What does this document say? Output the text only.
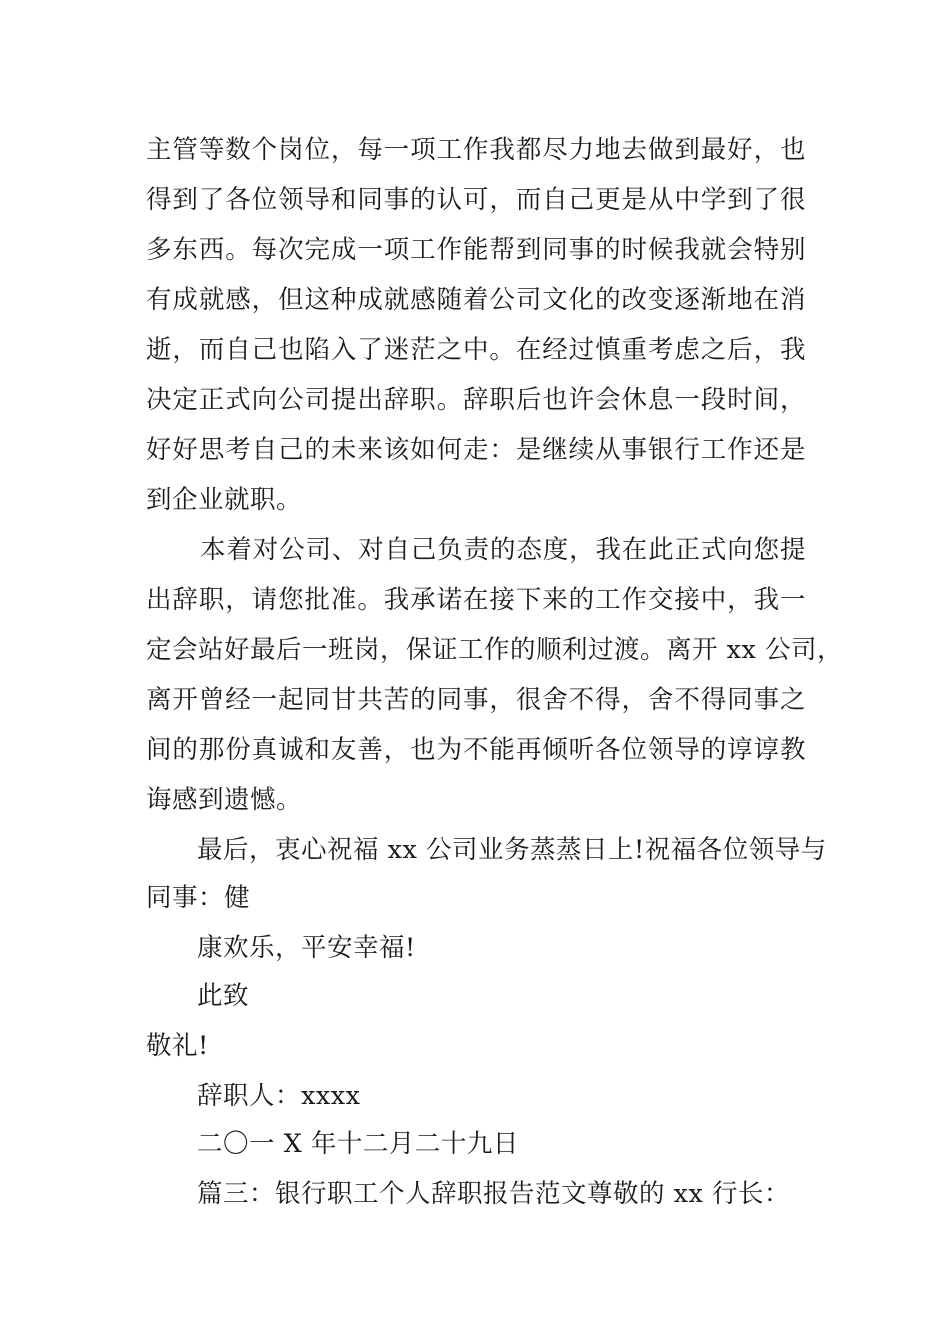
主管等数个岗位，每一项工作我都尽力地去做到最好，也
得到了各位领导和同事的认可，而自己更是从中学到了很
多东西。每次完成一项工作能帮到同事的时候我就会特别
有成就感，但这种成就感随着公司文化的改变逐渐地在消
逝，而自己也陷入了迷茫之中。在经过慎重考虑之后，我
决定正式向公司提出辞职。辞职后也许会休息一段时间，
好好思考自己的未来该如何走：是继续从事银行工作还是
到企业就职。
本着对公司、对自己负责的态度，我在此正式向您提
出辞职，请您批准。我承诺在接下来的工作交接中，我一
定会站好最后一班岗，保证工作的顺利过渡。离开 xx 公司，
离开曾经一起同甘共苦的同事，很舍不得，舍不得同事之
间的那份真诚和友善，也为不能再倾听各位领导的谆谆教
诲感到遗憾。
最后，衷心祝福 xx 公司业务蒸蒸日上!祝福各位领导与
同事：健
康欢乐，平安幸福!
此致
敬礼!
辞职人：xxxx
二〇一 X 年十二月二十九日
篇三：银行职工个人辞职报告范文尊敬的 xx 行长：
